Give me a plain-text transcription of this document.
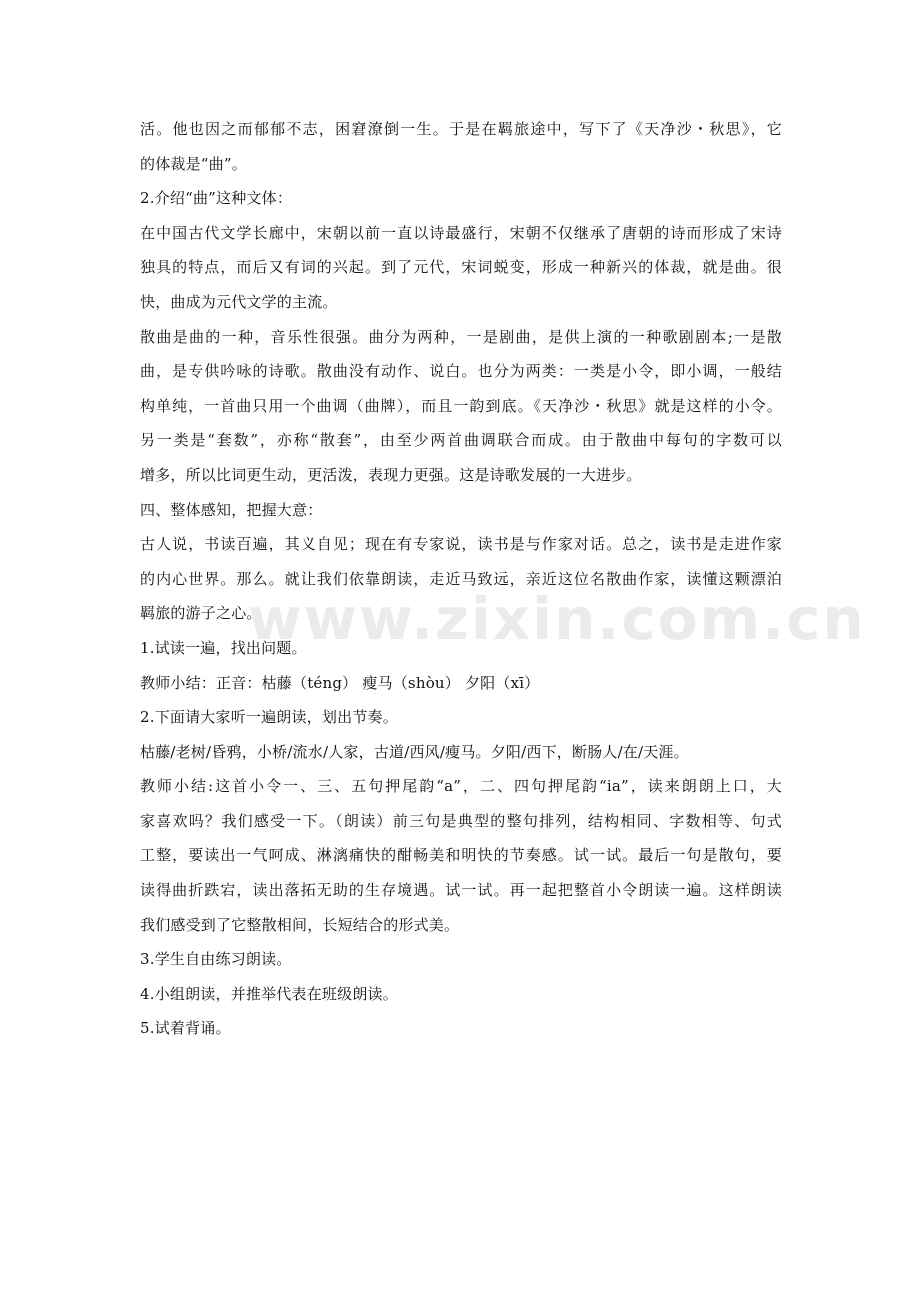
www.zixin.com.cn
活。他也因之而郁郁不志，困窘潦倒一生。于是在羁旅途中，写下了《天净沙・秋思》，它
的体裁是“曲”。
2.介绍“曲”这种文体：
在中国古代文学长廊中，宋朝以前一直以诗最盛行，宋朝不仅继承了唐朝的诗而形成了宋诗
独具的特点，而后又有词的兴起。到了元代，宋词蜕变，形成一种新兴的体裁，就是曲。很
快，曲成为元代文学的主流。
散曲是曲的一种，音乐性很强。曲分为两种，一是剧曲，是供上演的一种歌剧剧本;一是散
曲，是专供吟咏的诗歌。散曲没有动作、说白。也分为两类：一类是小令，即小调，一般结
构单纯，一首曲只用一个曲调（曲牌），而且一韵到底。《天净沙・秋思》就是这样的小令。
另一类是“套数”，亦称“散套”，由至少两首曲调联合而成。由于散曲中每句的字数可以
增多，所以比词更生动，更活泼，表现力更强。这是诗歌发展的一大进步。
四、整体感知，把握大意：
古人说，书读百遍，其义自见；现在有专家说，读书是与作家对话。总之，读书是走进作家
的内心世界。那么。就让我们依靠朗读，走近马致远，亲近这位名散曲作家，读懂这颗漂泊
羁旅的游子之心。
1.试读一遍，找出问题。
教师小结：正音：枯藤（téng） 瘦马（shòu） 夕阳（xī）
2.下面请大家听一遍朗读，划出节奏。
枯藤/老树/昏鸦，小桥/流水/人家，古道/西风/瘦马。夕阳/西下，断肠人/在/天涯。
教师小结:这首小令一、三、五句押尾韵“a”，二、四句押尾韵“ia”，读来朗朗上口，大
家喜欢吗？我们感受一下。（朗读）前三句是典型的整句排列，结构相同、字数相等、句式
工整，要读出一气呵成、淋漓痛快的酣畅美和明快的节奏感。试一试。最后一句是散句，要
读得曲折跌宕，读出落拓无助的生存境遇。试一试。再一起把整首小令朗读一遍。这样朗读
我们感受到了它整散相间，长短结合的形式美。
3.学生自由练习朗读。
4.小组朗读，并推举代表在班级朗读。
5.试着背诵。
